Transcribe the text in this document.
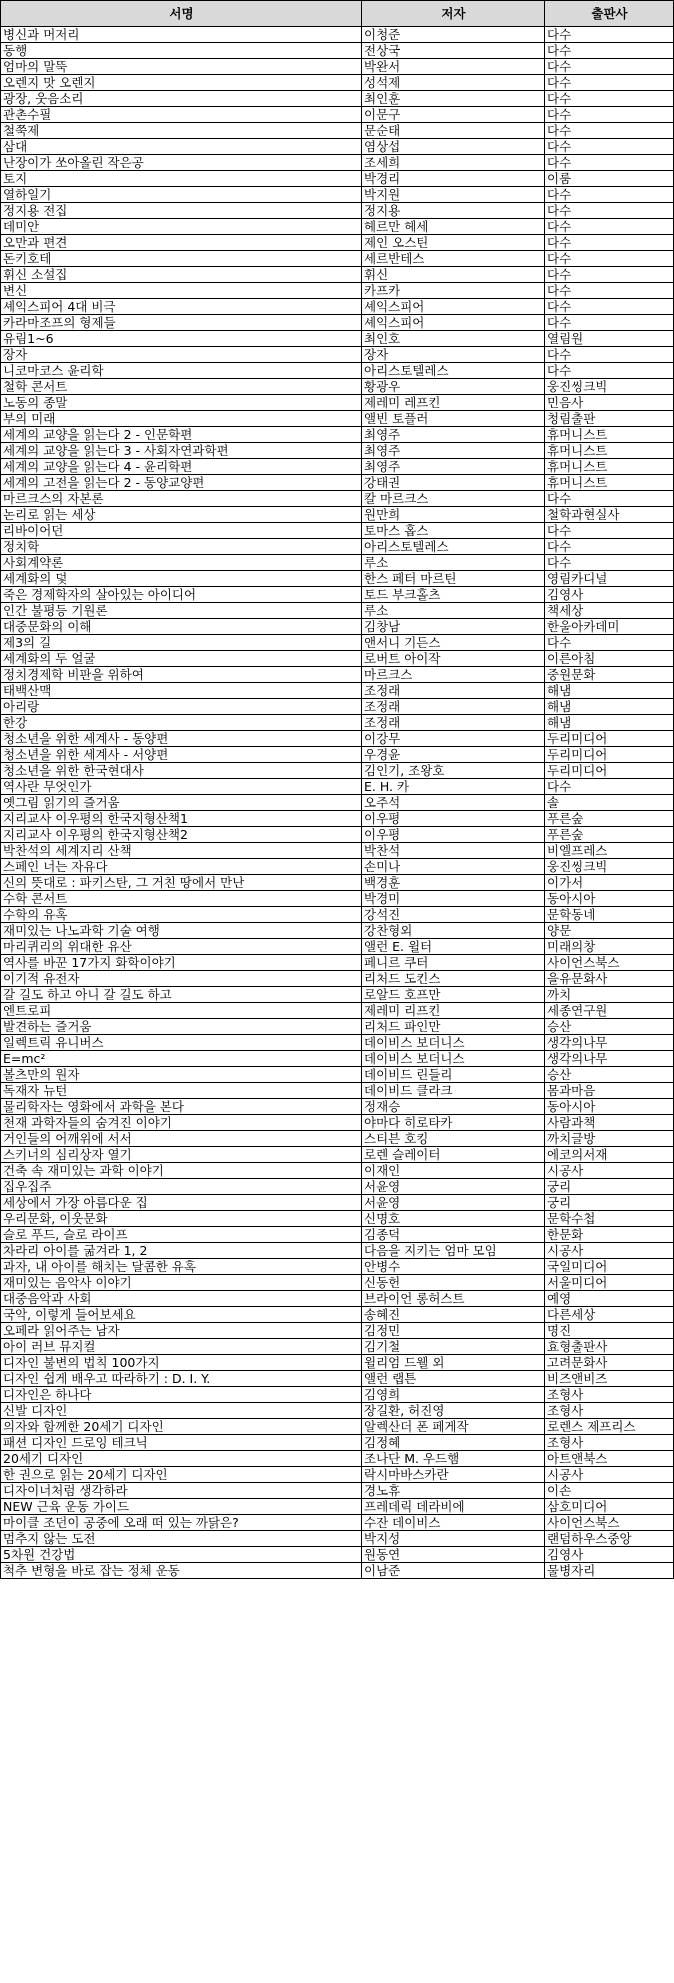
서명	저자	출판사
병신과 머저리	이청준	다수
동행	전상국	다수
엄마의 말뚝	박완서	다수
오렌지 맛 오렌지	성석제	다수
광장, 웃음소리	최인훈	다수
관촌수필	이문구	다수
철쭉제	문순태	다수
삼대	염상섭	다수
난장이가 쏘아올린 작은공	조세희	다수
토지	박경리	이룸
열하일기	박지원	다수
정지용 전집	정지용	다수
데미안	헤르만 헤세	다수
오만과 편견	제인 오스틴	다수
돈키호테	세르반테스	다수
휘신 소설집	휘신	다수
변신	카프카	다수
셰익스피어 4대 비극	셰익스피어	다수
카라마조프의 형제들	셰익스피어	다수
유림1~6	최인호	열림원
장자	장자	다수
니코마코스 윤리학	아리스토텔레스	다수
철학 콘서트	황광우	웅진씽크빅
노동의 종말	제레미 레프킨	민음사
부의 미래	앨빈 토플러	청림출판
세계의 교양을 읽는다 2 - 인문학편	최영주	휴머니스트
세계의 교양을 읽는다 3 - 사회자연과학편	최영주	휴머니스트
세계의 교양을 읽는다 4 - 윤리학편	최영주	휴머니스트
세계의 고전을 읽는다 2 - 동양교양편	강태권	휴머니스트
마르크스의 자본론	칼 마르크스	다수
논리로 읽는 세상	원만희	철학과현실사
리바이어던	토마스 홉스	다수
정치학	아리스토텔레스	다수
사회계약론	루소	다수
세계화의 덫	한스 페터 마르틴	영림카디널
죽은 경제학자의 살아있는 아이디어	토드 부크홀츠	김영사
인간 불평등 기원론	루소	책세상
대중문화의 이해	김창남	한울아카데미
제3의 길	앤서니 기든스	다수
세계화의 두 얼굴	로버트 아이작	이른아침
정치경제학 비판을 위하여	마르크스	중원문화
태백산맥	조정래	해냄
아리랑	조정래	해냄
한강	조정래	해냄
청소년을 위한 세계사 - 동양편	이강무	두리미디어
청소년을 위한 세계사 - 서양편	우경윤	두리미디어
청소년을 위한 한국현대사	김인기, 조왕호	두리미디어
역사란 무엇인가	E. H. 카	다수
옛그림 읽기의 즐거움	오주석	솔
지리교사 이우평의 한국지형산책1	이우평	푸른숲
지리교사 이우평의 한국지형산책2	이우평	푸른숲
박찬석의 세계지리 산책	박찬석	비엘프레스
스페인 너는 자유다	손미나	웅진씽크빅
신의 뜻대로 : 파키스탄, 그 거친 땅에서 만난	백경훈	이가서
수학 콘서트	박경미	동아시아
수학의 유혹	강석진	문학동네
재미있는 나노과학 기술 여행	강찬형외	양문
마리퀴리의 위대한 유산	앨런 E. 윌터	미래의창
역사를 바꾼 17가지 화학이야기	페니르 쿠터	사이언스북스
이기적 유전자	리처드 도킨스	을유문화사
갈 길도 하고 아니 갈 길도 하고	로알드 호프만	까치
엔트로피	제레미 리프킨	세종연구원
발견하는 즐거움	리처드 파인만	승산
일렉트릭 유니버스	데이비스 보더니스	생각의나무
E=mc²	데이비스 보더니스	생각의나무
볼츠만의 원자	데이비드 린들리	승산
독재자 뉴턴	데이비드 클라크	몸과마음
물리학자는 영화에서 과학을 본다	정재승	동아시아
천재 과학자들의 숨겨진 이야기	야마다 히로타카	사람과책
거인들의 어깨위에 서서	스티븐 호킹	까치글방
스키너의 심리상자 열기	로렌 슬레이터	에코의서재
건축 속 재미있는 과학 이야기	이재인	시공사
집우집주	서윤영	궁리
세상에서 가장 아름다운 집	서윤영	궁리
우리문화, 이웃문화	신명호	문학수첩
슬로 푸드, 슬로 라이프	김종덕	한문화
차라리 아이를 굶겨라 1, 2	다음을 지키는 엄마 모임	시공사
과자, 내 아이를 해치는 달콤한 유혹	안병수	국일미디어
재미있는 음악사 이야기	신동헌	서울미디어
대중음악과 사회	브라이언 롱허스트	예영
국악, 이렇게 들어보세요	송혜진	다른세상
오페라 읽어주는 남자	김정민	명진
아이 러브 뮤지컬	김기철	효형출판사
디자인 불변의 법칙 100가지	윌리엄 드웰 외	고려문화사
디자인 쉽게 배우고 따라하기 : D. I. Y.	앨런 랩튼	비즈앤비즈
디자인은 하나다	김영희	조형사
신발 디자인	장길환, 허진영	조형사
의자와 함께한 20세기 디자인	알렉산더 폰 페게작	로렌스 제프리스
패션 디자인 드로잉 테크닉	김정혜	조형사
20세기 디자인	조나단 M. 우드햄	아트앤북스
한 권으로 읽는 20세기 디자인	락시마바스카란	시공사
디자이너처럼 생각하라	경노휴	이손
NEW 근육 운동 가이드	프레데릭 데라비에	삼호미디어
마이클 조던이 공중에 오래 떠 있는 까닭은?	수잔 데이비스	사이언스북스
멈추지 않는 도전	박지성	랜덤하우스중앙
5차원 건강법	원동연	김영사
척추 변형을 바로 잡는 정체 운동	이남준	물병자리
